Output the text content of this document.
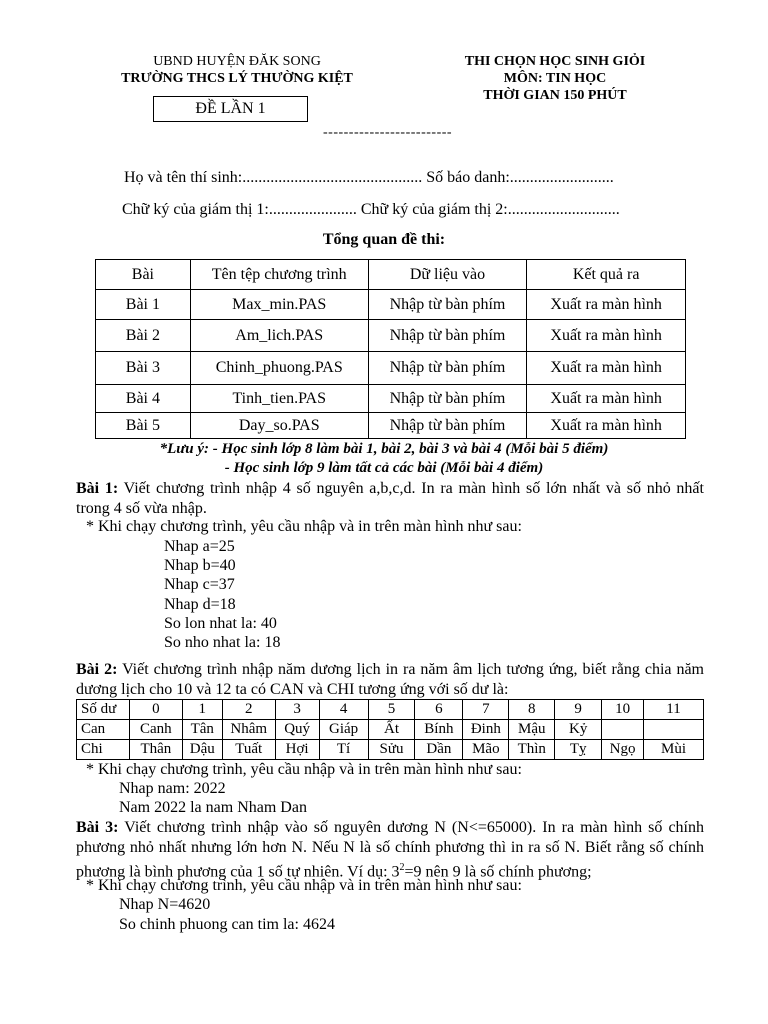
UBND HUYỆN ĐĂK SONG
TRƯỜNG THCS LÝ THƯỜNG KIỆT
ĐỀ LẦN 1
THI CHỌN HỌC SINH GIỎI
MÔN: TIN HỌC
THỜI GIAN 150 PHÚT
-------------------------
Họ và tên thí sinh:............................................. Số báo danh:..........................
Chữ ký của giám thị 1:...................... Chữ ký của giám thị 2:............................
Tổng quan đề thi:
Bài	Tên tệp chương trình	Dữ liệu vào	Kết quả ra
Bài 1	Max_min.PAS	Nhập từ bàn phím	Xuất ra màn hình
Bài 2	Am_lich.PAS	Nhập từ bàn phím	Xuất ra màn hình
Bài 3	Chinh_phuong.PAS	Nhập từ bàn phím	Xuất ra màn hình
Bài 4	Tinh_tien.PAS	Nhập từ bàn phím	Xuất ra màn hình
Bài 5	Day_so.PAS	Nhập từ bàn phím	Xuất ra màn hình
*Lưu ý: - Học sinh lớp 8 làm bài 1, bài 2, bài 3 và bài 4 (Mỗi bài 5 điểm)
- Học sinh lớp 9 làm tất cả các bài (Mỗi bài 4 điểm)
Bài 1: Viết chương trình nhập 4 số nguyên a,b,c,d. In ra màn hình số lớn nhất và số nhỏ nhất trong 4 số vừa nhập.
* Khi chạy chương trình, yêu cầu nhập và in trên màn hình như sau:
Nhap a=25
Nhap b=40
Nhap c=37
Nhap d=18
So lon nhat la: 40
So nho nhat la: 18
Bài 2: Viết chương trình nhập năm dương lịch in ra năm âm lịch tương ứng, biết rằng chia năm dương lịch cho 10 và 12 ta có CAN và CHI tương ứng với số dư là:
Số dư	0	1	2	3	4	5	6	7	8	9	10	11
Can	Canh	Tân	Nhâm	Quý	Giáp	Ất	Bính	Đinh	Mậu	Kỷ		
Chi	Thân	Dậu	Tuất	Hợi	Tí	Sửu	Dần	Mão	Thìn	Tỵ	Ngọ	Mùi
* Khi chạy chương trình, yêu cầu nhập và in trên màn hình như sau:
Nhap nam: 2022
Nam 2022 la nam Nham Dan
Bài 3: Viết chương trình nhập vào số nguyên dương N (N<=65000). In ra màn hình số chính phương nhỏ nhất nhưng lớn hơn N. Nếu N là số chính phương thì in ra số N. Biết rằng số chính phương là bình phương của 1 số tự nhiên. Ví dụ: $3^2=9$ nên 9 là số chính phương;
* Khi chạy chương trình, yêu cầu nhập và in trên màn hình như sau:
Nhap N=4620
So chinh phuong can tim la: 4624
